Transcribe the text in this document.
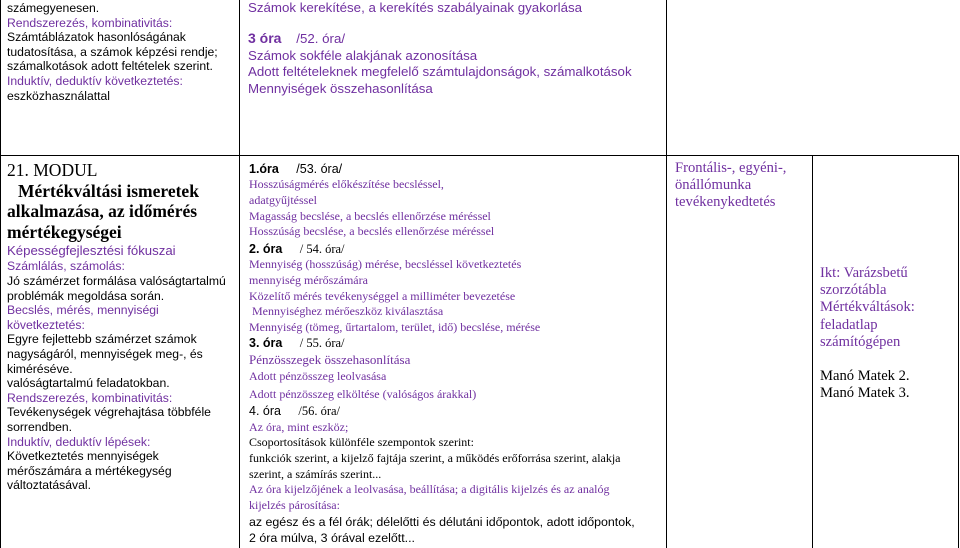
számegyenesen.
Rendszerezés, kombinativitás:
Számtáblázatok hasonlóságának
tudatosítása, a számok képzési rendje;
számalkotások adott feltételek szerint.
Induktív, deduktív következtetés:
eszközhasználattal
Számok kerekítése, a kerekítés szabályainak gyakorlása
3 óra /52. óra/
Számok sokféle alakjának azonosítása
Adott feltételeknek megfelelő számtulajdonságok, számalkotások
Mennyiségek összehasonlítása
21. MODUL
Mértékváltási ismeretek
alkalmazása, az időmérés
mértékegységei
Képességfejlesztési fókuszai
Számlálás, számolás:
Jó számérzet formálása valóságtartalmú
problémák megoldása során.
Becslés, mérés, mennyiségi
következtetés:
Egyre fejlettebb számérzet számok
nagyságáról, mennyiségek meg-, és
kiméréséve.
valóságtartalmú feladatokban.
Rendszerezés, kombinativitás:
Tevékenységek végrehajtása többféle
sorrendben.
Induktív, deduktív lépések:
Következtetés mennyiségek
mérőszámára a mértékegység
változtatásával.
1.óra /53. óra/
Hosszúságmérés előkészítése becsléssel,
adatgyűjtéssel
Magasság becslése, a becslés ellenőrzése méréssel
Hosszúság becslése, a becslés ellenőrzése méréssel
2. óra / 54. óra/
Mennyiség (hosszúság) mérése, becsléssel következtetés
mennyiség mérőszámára
Közelítő mérés tevékenységgel a milliméter bevezetése
Mennyiséghez mérőeszköz kiválasztása
Mennyiség (tömeg, űrtartalom, terület, idő) becslése, mérése
3. óra / 55. óra/
Pénzösszegek összehasonlítása
Adott pénzösszeg leolvasása
Adott pénzösszeg elköltése (valóságos árakkal)
4. óra /56. óra/
Az óra, mint eszköz;
Csoportosítások különféle szempontok szerint:
funkciók szerint, a kijelző fajtája szerint, a működés erőforrása szerint, alakja
szerint, a számírás szerint...
Az óra kijelzőjének a leolvasása, beállítása; a digitális kijelzés és az analóg
kijelzés párosítása:
az egész és a fél órák; délelőtti és délutáni időpontok, adott időpontok,
2 óra múlva, 3 órával ezelőtt...
Frontális-, egyéni-,
önállómunka
tevékenykedtetés
Ikt: Varázsbetű
szorzótábla
Mértékváltások:
feladatlap
számítógépen
Manó Matek 2.
Manó Matek 3.
